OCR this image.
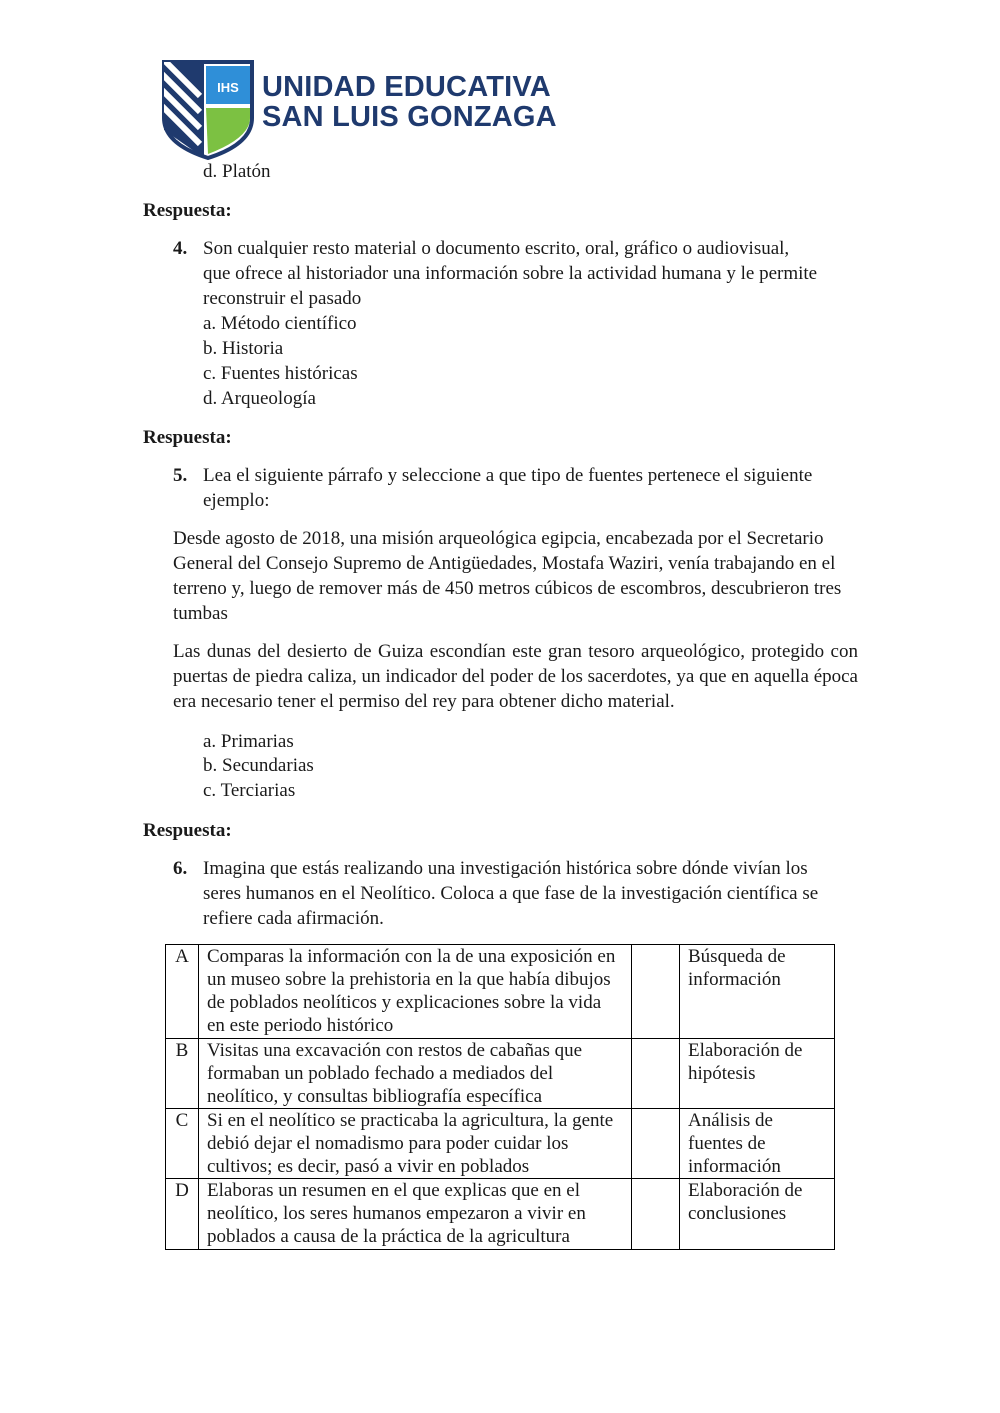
IHS UNIDAD EDUCATIVA
SAN LUIS GONZAGA
d. Platón
Respuesta:
4. Son cualquier resto material o documento escrito, oral, gráfico o audiovisual,
que ofrece al historiador una información sobre la actividad humana y le permite
reconstruir el pasado
a. Método científico
b. Historia
c. Fuentes históricas
d. Arqueología
Respuesta:
5. Lea el siguiente párrafo y seleccione a que tipo de fuentes pertenece el siguiente
ejemplo:
Desde agosto de 2018, una misión arqueológica egipcia, encabezada por el Secretario General del Consejo Supremo de Antigüedades, Mostafa Waziri, venía trabajando en el terreno y, luego de remover más de 450 metros cúbicos de escombros, descubrieron tres tumbas
Las dunas del desierto de Guiza escondían este gran tesoro arqueológico, protegido con puertas de piedra caliza, un indicador del poder de los sacerdotes, ya que en aquella época era necesario tener el permiso del rey para obtener dicho material.
a. Primarias
b. Secundarias
c. Terciarias
Respuesta:
6. Imagina que estás realizando una investigación histórica sobre dónde vivían los
seres humanos en el Neolítico. Coloca a que fase de la investigación científica se
refiere cada afirmación.
A	Comparas la información con la de una exposición en un museo sobre la prehistoria en la que había dibujos de poblados neolíticos y explicaciones sobre la vida en este periodo histórico		Búsqueda de información
B	Visitas una excavación con restos de cabañas que formaban un poblado fechado a mediados del neolítico, y consultas bibliografía específica		Elaboración de hipótesis
C	Si en el neolítico se practicaba la agricultura, la gente debió dejar el nomadismo para poder cuidar los cultivos; es decir, pasó a vivir en poblados		Análisis de fuentes de información
D	Elaboras un resumen en el que explicas que en el neolítico, los seres humanos empezaron a vivir en poblados a causa de la práctica de la agricultura		Elaboración de conclusiones
